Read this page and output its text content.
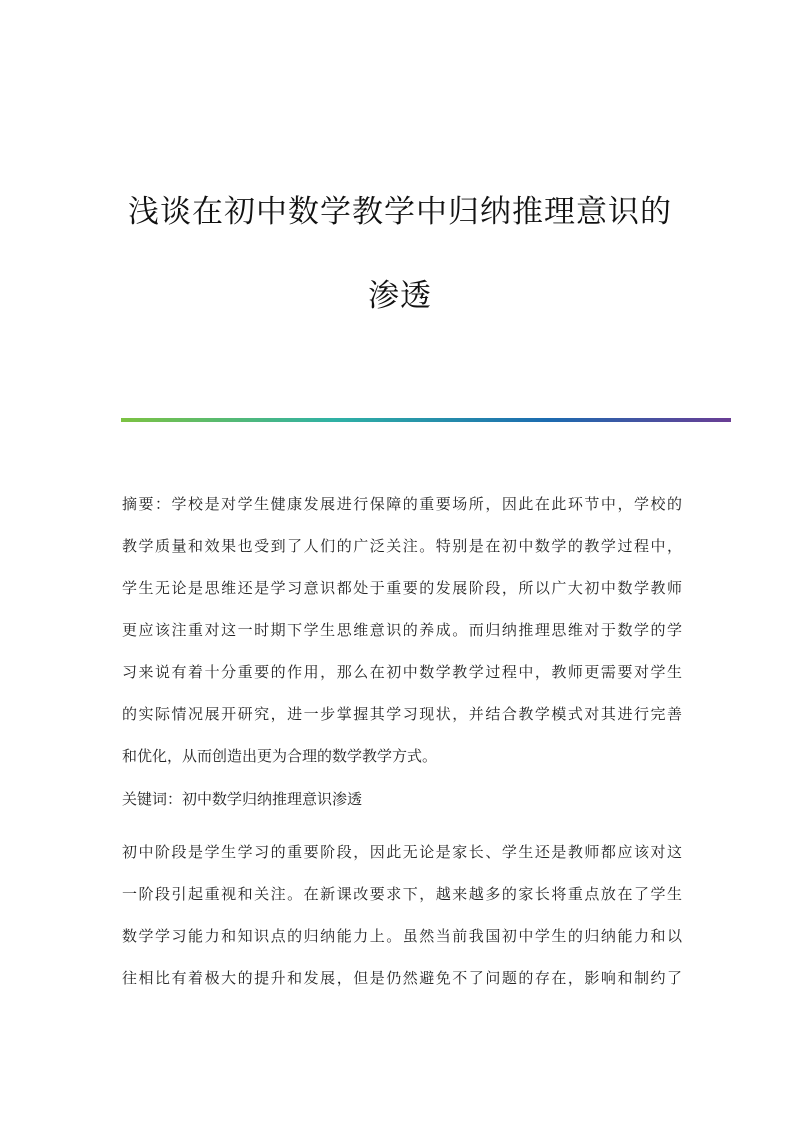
浅谈在初中数学教学中归纳推理意识的
渗透
摘要：学校是对学生健康发展进行保障的重要场所，因此在此环节中，学校的
教学质量和效果也受到了人们的广泛关注。特别是在初中数学的教学过程中，
学生无论是思维还是学习意识都处于重要的发展阶段，所以广大初中数学教师
更应该注重对这一时期下学生思维意识的养成。而归纳推理思维对于数学的学
习来说有着十分重要的作用，那么在初中数学教学过程中，教师更需要对学生
的实际情况展开研究，进一步掌握其学习现状，并结合教学模式对其进行完善
和优化，从而创造出更为合理的数学教学方式。
关键词：初中数学归纳推理意识渗透
初中阶段是学生学习的重要阶段，因此无论是家长、学生还是教师都应该对这
一阶段引起重视和关注。在新课改要求下，越来越多的家长将重点放在了学生
数学学习能力和知识点的归纳能力上。虽然当前我国初中学生的归纳能力和以
往相比有着极大的提升和发展，但是仍然避免不了问题的存在，影响和制约了
